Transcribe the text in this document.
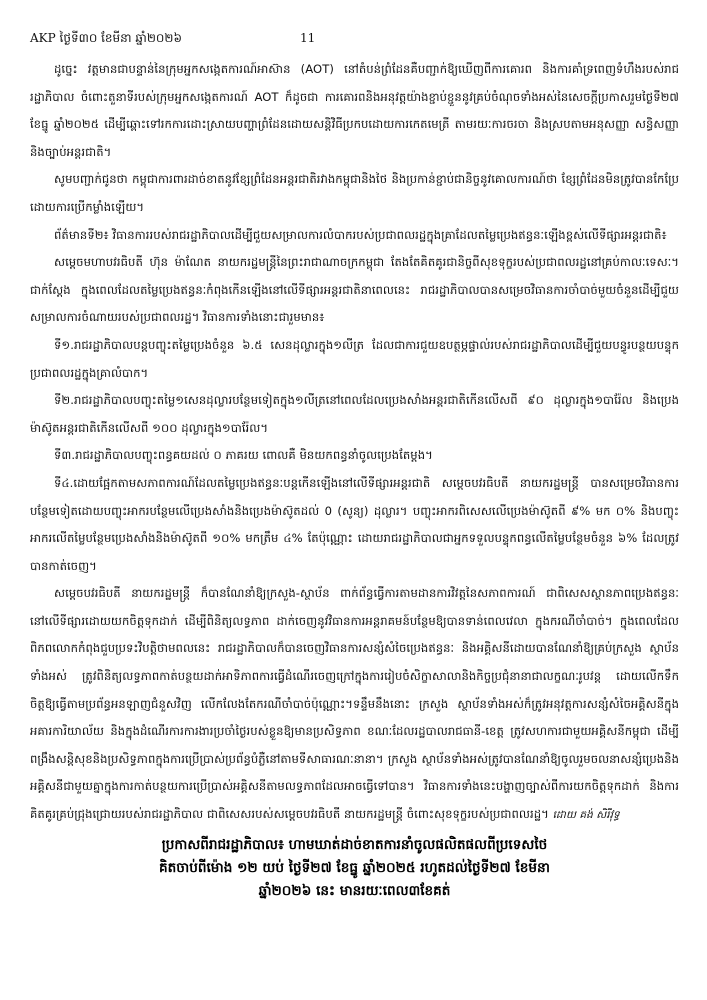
AKP ថ្ងៃទី៣០ ខែមីនា ឆ្នាំ២០២៦	11

ដូច្នេះ វត្តមានជាបន្ទាន់នៃក្រុមអ្នកសង្កេតការណ៍អាស៊ាន (AOT) នៅតំបន់ព្រំដែនគឺបញ្ជាក់ឱ្យឃើញពីការគោរព និងការគាំទ្រពេញទំហឹងរបស់រាជរដ្ឋាភិបាល ចំពោះតួនាទីរបស់ក្រុមអ្នកសង្កេតការណ៍ AOT ក៏ដូចជា ការគោរពនិងអនុវត្តយ៉ាងខ្ជាប់ខ្ជួននូវគ្រប់ចំណុចទាំងអស់នៃសេចក្តីប្រកាសរួមថ្ងៃទី២៧ ខែធ្នូ ឆ្នាំ២០២៥ ដើម្បីឆ្ពោះទៅរកការដោះស្រាយបញ្ហាព្រំដែនដោយសន្តិវិធីប្រកបដោយការកេតមេត្រី តាមរយៈការចរចា និងស្របតាមអនុសញ្ញា សន្ធិសញ្ញា និងច្បាប់អន្តរជាតិ។

សូមបញ្ជាក់ជូនថា កម្ពុជាការពារដាច់ខាតនូវខ្សែព្រំដែនអន្តរជាតិរវាងកម្ពុជានិងថៃ និងប្រកាន់ខ្ជាប់ជានិច្ចនូវគោលការណ៍ថា ខ្សែព្រំដែនមិនត្រូវបានកែប្រែដោយការប្រើកម្លាំងឡើយ។

ព័ត៌មានទី២៖ វិធានការរបស់រាជរដ្ឋាភិបាលដើម្បីជួយសម្រាលការលំបាករបស់ប្រជាពលរដ្ឋក្នុងគ្រាដែលតម្លៃប្រេងឥន្ធនៈឡើងខ្ពស់លើទីផ្សារអន្តរជាតិ៖

សម្តេចមហាបវរធិបតី ហ៊ុន ម៉ាណែត នាយករដ្ឋមន្ត្រីនៃព្រះរាជាណាចក្រកម្ពុជា តែងតែគិតគូរជានិច្ចពីសុខទុក្ខរបស់ប្រជាពលរដ្ឋនៅគ្រប់កាលៈទេសៈ។ ជាក់ស្តែង ក្នុងពេលដែលតម្លៃប្រេងឥន្ធនៈកំពុងកើនឡើងនៅលើទីផ្សារអន្តរជាតិនាពេលនេះ រាជរដ្ឋាភិបាលបានសម្រេចវិធានការចាំបាច់មួយចំនួនដើម្បីជួយសម្រាលការចំណាយរបស់ប្រជាពលរដ្ឋ។ វិធានការទាំងនោះជារួមមាន៖

ទី១.រាជរដ្ឋាភិបាលបន្តបញ្ចុះតម្លៃប្រេងចំនួន ៦.៥ សេនដុល្លារក្នុង១លីត្រ ដែលជាការជួយឧបត្ថម្ភផ្ទាល់របស់រាជរដ្ឋាភិបាលដើម្បីជួយបន្ធូរបន្ថយបន្ទុកប្រជាពលរដ្ឋក្នុងគ្រាលំបាក។

ទី២.រាជរដ្ឋាភិបាលបញ្ចុះតម្លៃ១សេនដុល្លារបន្ថែមទៀតក្នុង១លីត្រនៅពេលដែលប្រេងសាំងអន្តរជាតិកើនលើសពី ៩០ ដុល្លារក្នុង១បារ៉ែល និងប្រេងម៉ាស៊ូតអន្តរជាតិកើនលើសពី ១០០ ដុល្លារក្នុង១បារ៉ែល។

ទី៣.រាជរដ្ឋាភិបាលបញ្ចុះពន្ធគយដល់ ០ ភាគរយ ពោលគឺ មិនយកពន្ធនាំចូលប្រេងតែម្តង។

ទី៤.ដោយផ្អែកតាមសភាពការណ៍ដែលតម្លៃប្រេងឥន្ធនៈបន្តកើនឡើងនៅលើទីផ្សារអន្តរជាតិ សម្តេចបវរធិបតី នាយករដ្ឋមន្ត្រី បានសម្រេចវិធានការបន្ថែមទៀតដោយបញ្ចុះអាករបន្ថែមលើប្រេងសាំងនិងប្រេងម៉ាស៊ូតដល់ 0 (សូន្យ) ដុល្លារ។ បញ្ចុះអាករពិសេសលើប្រេងម៉ាស៊ូតពី ៩% មក ០% និងបញ្ចុះអាករលើតម្លៃបន្ថែមប្រេងសាំងនិងម៉ាស៊ូតពី ១០% មកត្រឹម ៤% តែប៉ុណ្ណោះ ដោយរាជរដ្ឋាភិបាលជាអ្នកទទួលបន្ទុកពន្ធលើតម្លៃបន្ថែមចំនួន ៦% ដែលត្រូវបានកាត់ចេញ។

សម្តេចបវរធិបតី នាយករដ្ឋមន្ត្រី ក៏បានណែនាំឱ្យក្រសួង-ស្ថាប័ន ពាក់ព័ន្ធធ្វើការតាមដានការវិវត្តនៃសភាពការណ៍ ជាពិសេសស្ថានភាពប្រេងឥន្ធនៈនៅលើទីផ្សារដោយយកចិត្តទុកដាក់ ដើម្បីពិនិត្យលទ្ធភាព ដាក់ចេញនូវវិធានការអន្តរាគមន៍បន្ថែមឱ្យបានទាន់ពេលវេលា ក្នុងករណីចាំបាច់។ ក្នុងពេលដែលពិភពលោកកំពុងជួបប្រទះវិបត្តិថាមពលនេះ រាជរដ្ឋាភិបាលក៏បានចេញវិធានការសន្សំសំចៃប្រេងឥន្ធនៈ និងអគ្គិសនីដោយបានណែនាំឱ្យគ្រប់ក្រសួង ស្ថាប័នទាំងអស់ ត្រូវពិនិត្យលទ្ធភាពកាត់បន្ថយដាក់អាទិភាពការធ្វើដំណើរចេញក្រៅក្នុងការរៀបចំសិក្ខាសាលានិងកិច្ចប្រជុំនានាជាលក្ខណៈរូបវន្ត ដោយលើកទឹកចិត្តឱ្យធ្វើតាមប្រព័ន្ធអនឡាញជំនួសវិញ លើកលែងតែករណីចាំបាច់ប៉ុណ្ណោះ។ទន្ទឹមនឹងនោះ ក្រសួង ស្ថាប័នទាំងអស់ក៏ត្រូវអនុវត្តការសន្សំសំចៃអគ្គិសនីក្នុងអគារការិយាល័យ និងក្នុងដំណើរការការងារប្រចាំថ្ងៃរបស់ខ្លួនឱ្យមានប្រសិទ្ធភាព ខណៈដែលរដ្ឋបាលរាជធានី-ខេត្ត ត្រូវសហការជាមួយអគ្គិសនីកម្ពុជា ដើម្បីពង្រឹងសន្តិសុខនិងប្រសិទ្ធភាពក្នុងការប្រើប្រាស់ប្រព័ន្ធបំភ្លឺនៅតាមទីសាធារណៈនានា។ ក្រសួង ស្ថាប័នទាំងអស់ត្រូវបានណែនាំឱ្យចូលរួមចលនាសន្សំប្រេងនិងអគ្គិសនីជាមួយគ្នាក្នុងការកាត់បន្ថយការប្រើប្រាស់អគ្គិសនីតាមលទ្ធភាពដែលអាចធ្វើទៅបាន។ វិធានការទាំងនេះបង្ហាញច្បាស់ពីការយកចិត្តទុកដាក់ និងការគិតគូរគ្រប់ជ្រុងជ្រោយរបស់រាជរដ្ឋាភិបាល ជាពិសេសរបស់សម្តេចបវរធិបតី នាយករដ្ឋមន្ត្រី ចំពោះសុខទុក្ខរបស់ប្រជាពលរដ្ឋ។ ដោយ គង់ សិរីវុទ្ធ

ប្រកាសពីរាជរដ្ឋាភិបាល៖ ហាមឃាត់ដាច់ខាតការនាំចូលផលិតផលពីប្រទេសថៃ
គិតចាប់ពីម៉ោង ១២ យប់ ថ្ងៃទី២៧ ខែធ្នូ ឆ្នាំ២០២៥ រហូតដល់ថ្ងៃទី២៧ ខែមីនា
ឆ្នាំ២០២៦ នេះ មានរយៈពេល៣ខែគត់
